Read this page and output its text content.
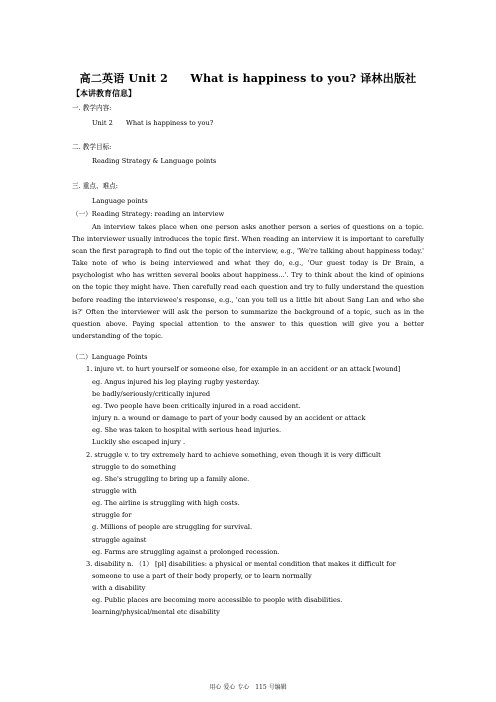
高二英语 Unit 2　　What is happiness to you? 译林出版社
【本讲教育信息】
一. 教学内容:
Unit 2　　What is happiness to you?
二. 教学目标:
Reading Strategy & Language points
三. 重点、难点:
Language points
（一）Reading Strategy: reading an interview
An interview takes place when one person asks another person a series of questions on a topic. The interviewer usually introduces the topic first. When reading an interview it is important to carefully scan the first paragraph to find out the topic of the interview, e.g., 'We're talking about happiness today.' Take note of who is being interviewed and what they do, e.g., 'Our guest today is Dr Brain, a psychologist who has written several books about happiness…'. Try to think about the kind of opinions on the topic they might have. Then carefully read each question and try to fully understand the question before reading the interviewee's response, e.g., 'can you tell us a little bit about Sang Lan and who she is?' Often the interviewer will ask the person to summarize the background of a topic, such as in the question above. Paying special attention to the answer to this question will give you a better understanding of the topic.
（二）Language Points
1. injure vt. to hurt yourself or someone else, for example in an accident or an attack [wound]
eg. Angus injured his leg playing rugby yesterday.
be badly/seriously/critically injured
eg. Two people have been critically injured in a road accident.
injury n. a wound or damage to part of your body caused by an accident or attack
eg. She was taken to hospital with serious head injuries.
Luckily she escaped injury .
2. struggle v. to try extremely hard to achieve something, even though it is very difficult
struggle to do something
eg. She's struggling to bring up a family alone.
struggle with
eg. The airline is struggling with high costs.
struggle for
g. Millions of people are struggling for survival.
struggle against
eg. Farms are struggling against a prolonged recession.
3. disability n. （1） [pl] disabilities: a physical or mental condition that makes it difficult for
someone to use a part of their body properly, or to learn normally
with a disability
eg. Public places are becoming more accessible to people with disabilities.
learning/physical/mental etc disability
用心 爱心 专心　115 号编辑
